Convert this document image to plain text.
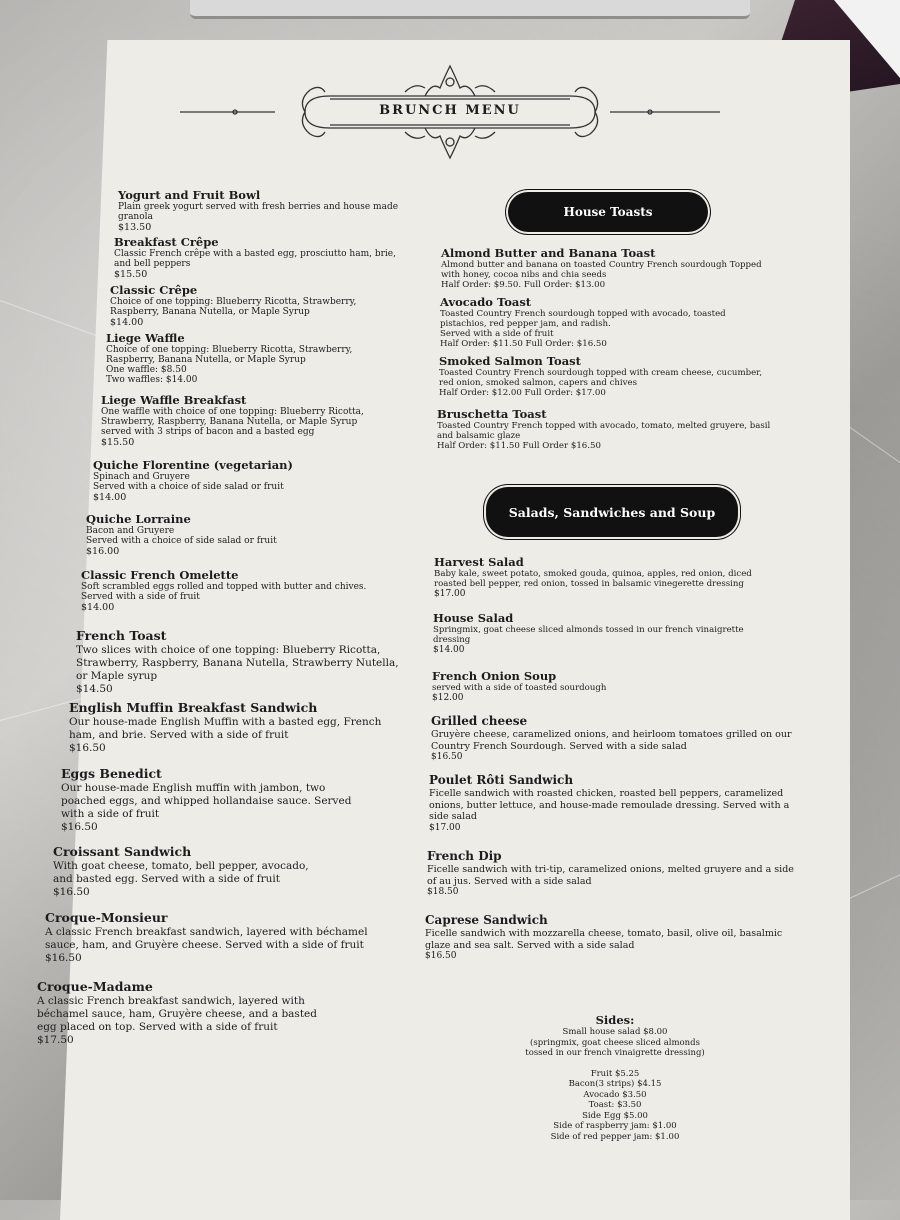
BRUNCH MENU
Yogurt and Fruit Bowl
Plain greek yogurt served with fresh berries and house made
granola
$13.50
Breakfast Crêpe
Classic French crêpe with a basted egg, prosciutto ham, brie,
and bell peppers
$15.50
Classic Crêpe
Choice of one topping: Blueberry Ricotta, Strawberry,
Raspberry, Banana Nutella, or Maple Syrup
$14.00
Liege Waffle
Choice of one topping: Blueberry Ricotta, Strawberry,
Raspberry, Banana Nutella, or Maple Syrup
One waffle: $8.50
Two waffles: $14.00
Liege Waffle Breakfast
One waffle with choice of one topping: Blueberry Ricotta,
Strawberry, Raspberry, Banana Nutella, or Maple Syrup
served with 3 strips of bacon and a basted egg
$15.50
Quiche Florentine (vegetarian)
Spinach and Gruyere
Served with a choice of side salad or fruit
$14.00
Quiche Lorraine
Bacon and Gruyere
Served with a choice of side salad or fruit
$16.00
Classic French Omelette
Soft scrambled eggs rolled and topped with butter and chives.
Served with a side of fruit
$14.00
French Toast
Two slices with choice of one topping: Blueberry Ricotta,
Strawberry, Raspberry, Banana Nutella, Strawberry Nutella,
or Maple syrup
$14.50
English Muffin Breakfast Sandwich
Our house-made English Muffin with a basted egg, French
ham, and brie. Served with a side of fruit
$16.50
Eggs Benedict
Our house-made English muffin with jambon, two
poached eggs, and whipped hollandaise sauce. Served
with a side of fruit
$16.50
Croissant Sandwich
With goat cheese, tomato, bell pepper, avocado,
and basted egg. Served with a side of fruit
$16.50
Croque-Monsieur
A classic French breakfast sandwich, layered with béchamel
sauce, ham, and Gruyère cheese. Served with a side of fruit
$16.50
Croque-Madame
A classic French breakfast sandwich, layered with
béchamel sauce, ham, Gruyère cheese, and a basted
egg placed on top. Served with a side of fruit
$17.50
Almond Butter and Banana Toast
Almond butter and banana on toasted Country French sourdough Topped
with honey, cocoa nibs and chia seeds
Half Order: $9.50. Full Order: $13.00
Avocado Toast
Toasted Country French sourdough topped with avocado, toasted
pistachios, red pepper jam, and radish.
Served with a side of fruit
Half Order: $11.50 Full Order: $16.50
Smoked Salmon Toast
Toasted Country French sourdough topped with cream cheese, cucumber,
red onion, smoked salmon, capers and chives
Half Order: $12.00 Full Order: $17.00
Bruschetta Toast
Toasted Country French topped with avocado, tomato, melted gruyere, basil
and balsamic glaze
Half Order: $11.50 Full Order $16.50
Harvest Salad
Baby kale, sweet potato, smoked gouda, quinoa, apples, red onion, diced
roasted bell pepper, red onion, tossed in balsamic vinegerette dressing
$17.00
House Salad
Springmix, goat cheese sliced almonds tossed in our french vinaigrette
dressing
$14.00
French Onion Soup
served with a side of toasted sourdough
$12.00
Grilled cheese
Gruyère cheese, caramelized onions, and heirloom tomatoes grilled on our
Country French Sourdough. Served with a side salad
$16.50
Poulet Rôti Sandwich
Ficelle sandwich with roasted chicken, roasted bell peppers, caramelized
onions, butter lettuce, and house-made remoulade dressing. Served with a
side salad
$17.00
French Dip
Ficelle sandwich with tri-tip, caramelized onions, melted gruyere and a side
of au jus. Served with a side salad
$18.50
Caprese Sandwich
Ficelle sandwich with mozzarella cheese, tomato, basil, olive oil, basalmic
glaze and sea salt. Served with a side salad
$16.50
House Toasts
Salads, Sandwiches and Soup
Sides:
Small house salad $8.00
(springmix, goat cheese sliced almonds
tossed in our french vinaigrette dressing)
Fruit $5.25
Bacon(3 strips) $4.15
Avocado $3.50
Toast: $3.50
Side Egg $5.00
Side of raspberry jam: $1.00
Side of red pepper jam: $1.00
